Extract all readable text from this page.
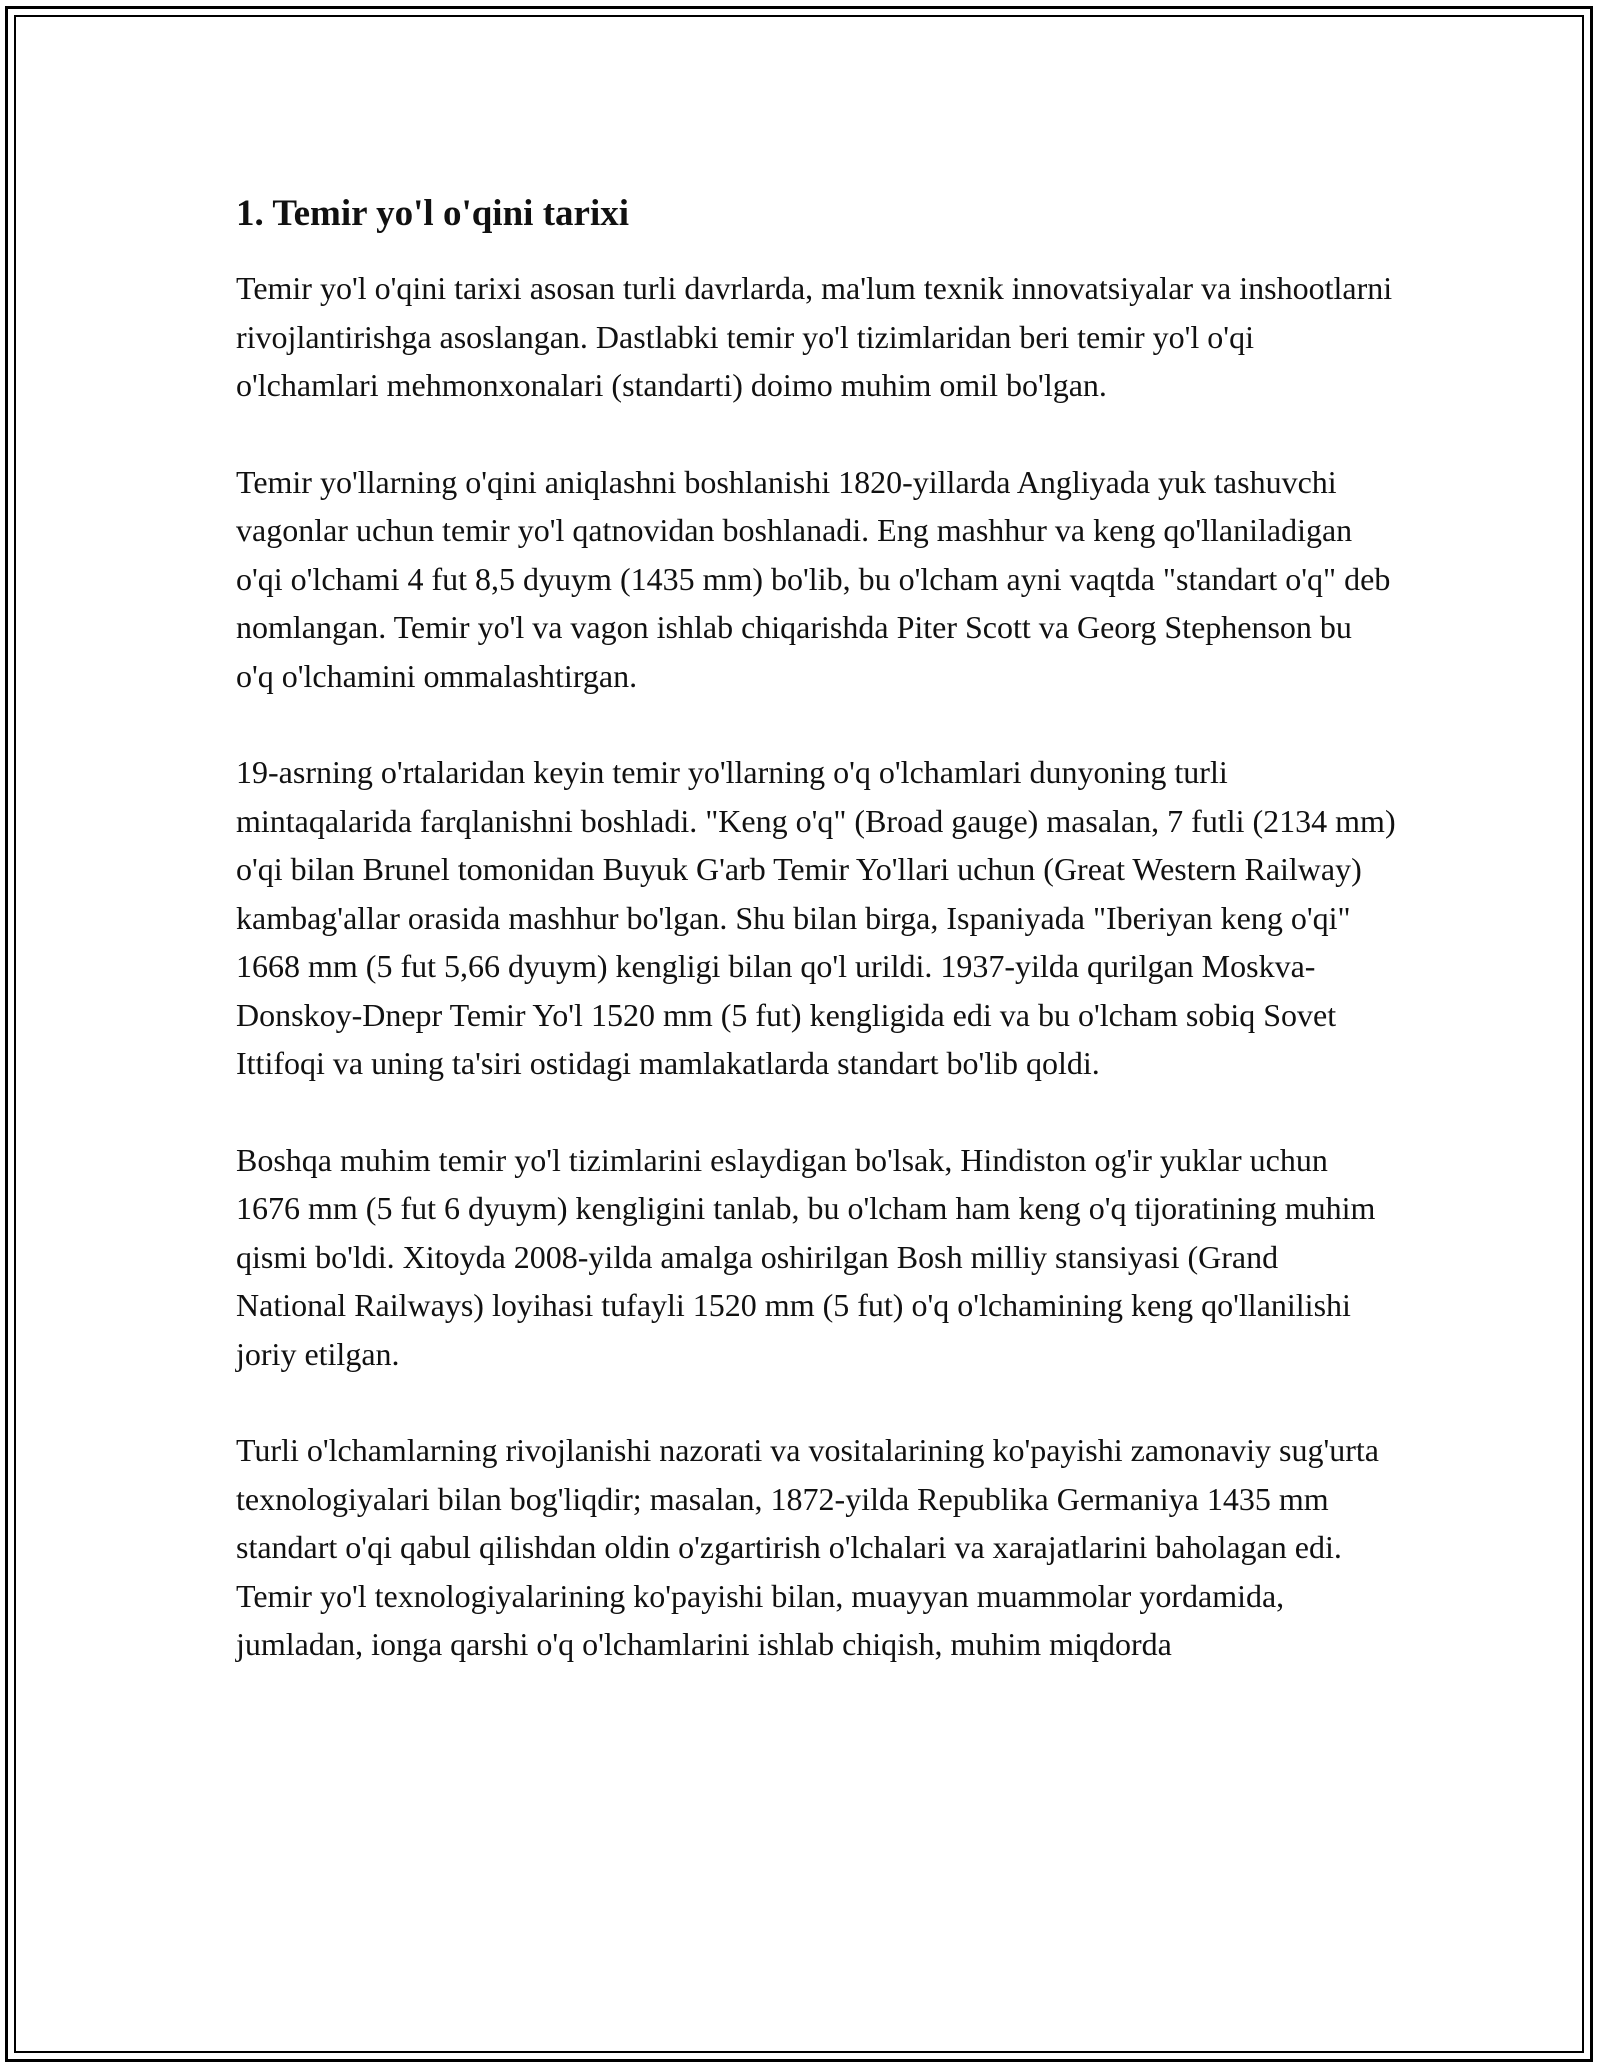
1. Temir yo'l o'qini tarixi

Temir yo'l o'qini tarixi asosan turli davrlarda, ma'lum texnik innovatsiyalar va inshootlarni rivojlantirishga asoslangan. Dastlabki temir yo'l tizimlaridan beri temir yo'l o'qi o'lchamlari mehmonxonalari (standarti) doimo muhim omil bo'lgan.

Temir yo'llarning o'qini aniqlashni boshlanishi 1820-yillarda Angliyada yuk tashuvchi vagonlar uchun temir yo'l qatnovidan boshlanadi. Eng mashhur va keng qo'llaniladigan o'qi o'lchami 4 fut 8,5 dyuym (1435 mm) bo'lib, bu o'lcham ayni vaqtda "standart o'q" deb nomlangan. Temir yo'l va vagon ishlab chiqarishda Piter Scott va Georg Stephenson bu o'q o'lchamini ommalashtirgan.

19-asrning o'rtalaridan keyin temir yo'llarning o'q o'lchamlari dunyoning turli mintaqalarida farqlanishni boshladi. "Keng o'q" (Broad gauge) masalan, 7 futli (2134 mm) o'qi bilan Brunel tomonidan Buyuk G'arb Temir Yo'llari uchun (Great Western Railway) kambag'allar orasida mashhur bo'lgan. Shu bilan birga, Ispaniyada "Iberiyan keng o'qi" 1668 mm (5 fut 5,66 dyuym) kengligi bilan qo'l urildi. 1937-yilda qurilgan Moskva-Donskoy-Dnepr Temir Yo'l 1520 mm (5 fut) kengligida edi va bu o'lcham sobiq Sovet Ittifoqi va uning ta'siri ostidagi mamlakatlarda standart bo'lib qoldi.

Boshqa muhim temir yo'l tizimlarini eslaydigan bo'lsak, Hindiston og'ir yuklar uchun 1676 mm (5 fut 6 dyuym) kengligini tanlab, bu o'lcham ham keng o'q tijoratining muhim qismi bo'ldi. Xitoyda 2008-yilda amalga oshirilgan Bosh milliy stansiyasi (Grand National Railways) loyihasi tufayli 1520 mm (5 fut) o'q o'lchamining keng qo'llanilishi joriy etilgan.

Turli o'lchamlarning rivojlanishi nazorati va vositalarining ko'payishi zamonaviy sug'urta texnologiyalari bilan bog'liqdir; masalan, 1872-yilda Republika Germaniya 1435 mm standart o'qi qabul qilishdan oldin o'zgartirish o'lchalari va xarajatlarini baholagan edi. Temir yo'l texnologiyalarining ko'payishi bilan, muayyan muammolar yordamida, jumladan, ionga qarshi o'q o'lchamlarini ishlab chiqish, muhim miqdorda
